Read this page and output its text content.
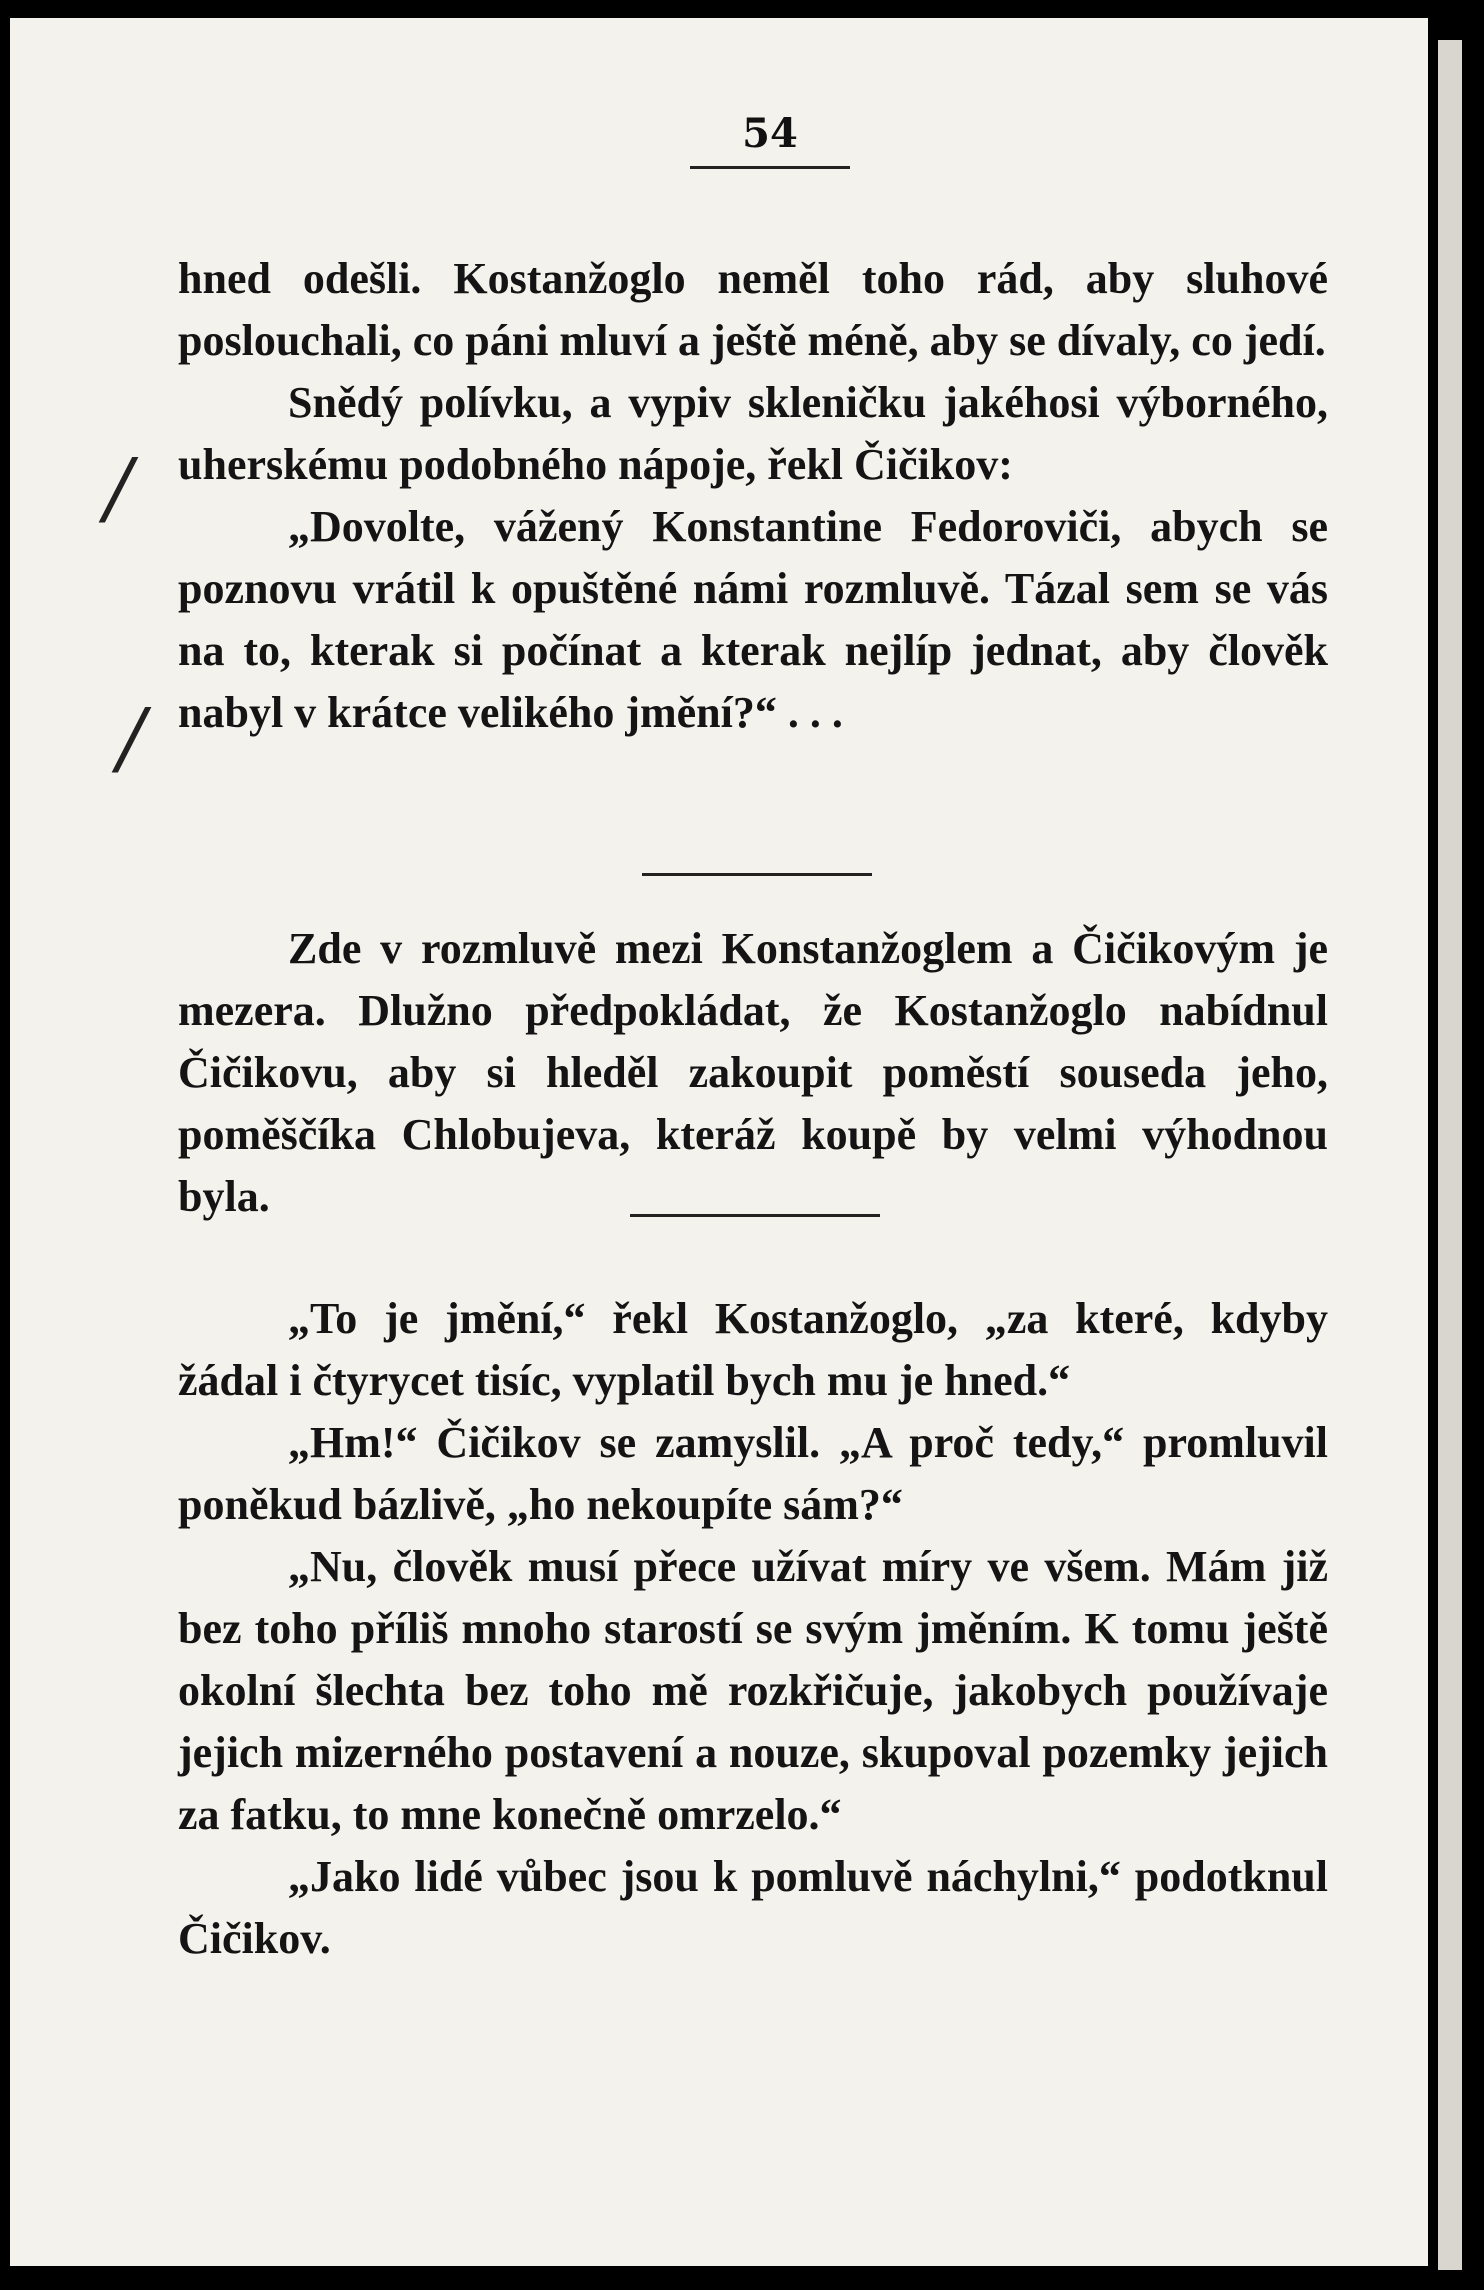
54
/
/

hned odešli. Kostanžoglo neměl toho rád, aby sluhové poslouchali, co páni mluví a ještě méně, aby se dívaly, co jedí.

Snědý polívku, a vypiv skleničku jakéhosi výborného, uherskému podobného nápoje, řekl Čičikov:

„Dovolte, vážený Konstantine Fedoroviči, abych se poznovu vrátil k opuštěné námi rozmluvě. Tázal sem se vás na to, kterak si počínat a kterak nejlíp jednat, aby člověk nabyl v krátce velikého jmění?“ . . .

Zde v rozmluvě mezi Konstanžoglem a Čičikovým je mezera. Dlužno předpokládat, že Kostanžoglo nabídnul Čičikovu, aby si hleděl zakoupit poměstí souseda jeho, poměščíka Chlobujeva, kteráž koupě by velmi výhodnou byla.

„To je jmění,“ řekl Kostanžoglo, „za které, kdyby žádal i čtyrycet tisíc, vyplatil bych mu je hned.“

„Hm!“ Čičikov se zamyslil. „A proč tedy,“ promluvil poněkud bázlivě, „ho nekoupíte sám?“

„Nu, člověk musí přece užívat míry ve všem. Mám již bez toho příliš mnoho starostí se svým jměním. K tomu ještě okolní šlechta bez toho mě rozkřičuje, jakobych používaje jejich mizerného postavení a nouze, skupoval pozemky jejich za fatku, to mne konečně omrzelo.“

„Jako lidé vůbec jsou k pomluvě náchylni,“ podotknul Čičikov.
